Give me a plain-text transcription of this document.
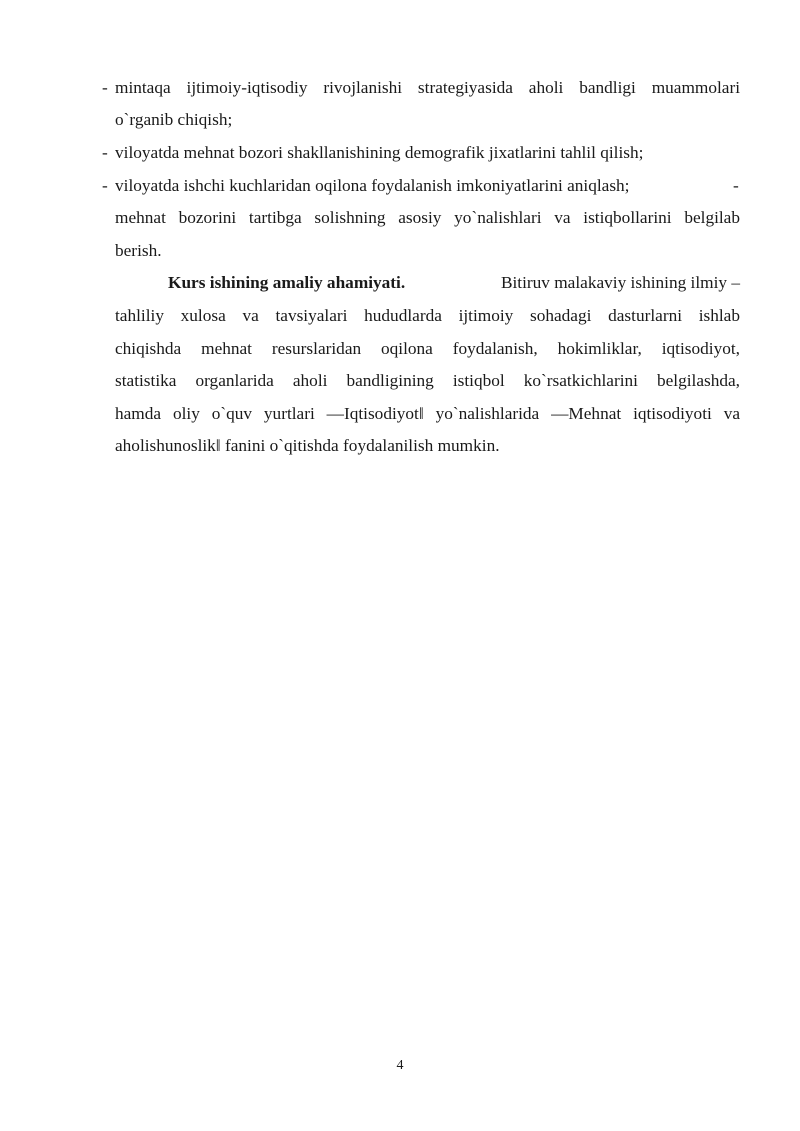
- mintaqa ijtimoiy-iqtisodiy rivojlanishi strategiyasida aholi bandligi muammolari
o`rganib chiqish;
- viloyatda mehnat bozori shakllanishining demografik jixatlarini tahlil qilish;
- viloyatda ishchi kuchlaridan oqilona foydalanish imkoniyatlarini aniqlash;	-
mehnat bozorini tartibga solishning asosiy yo`nalishlari va istiqbollarini belgilab
berish.
Kurs ishining amaliy ahamiyati.	Bitiruv malakaviy ishining ilmiy –
tahliliy xulosa va tavsiyalari hududlarda ijtimoiy sohadagi dasturlarni ishlab
chiqishda mehnat resurslaridan oqilona foydalanish, hokimliklar, iqtisodiyot,
statistika organlarida aholi bandligining istiqbol ko`rsatkichlarini belgilashda,
hamda oliy o`quv yurtlari ―Iqtisodiyot‖ yo`nalishlarida ―Mehnat iqtisodiyoti va
aholishunoslik‖ fanini o`qitishda foydalanilish mumkin.
4
